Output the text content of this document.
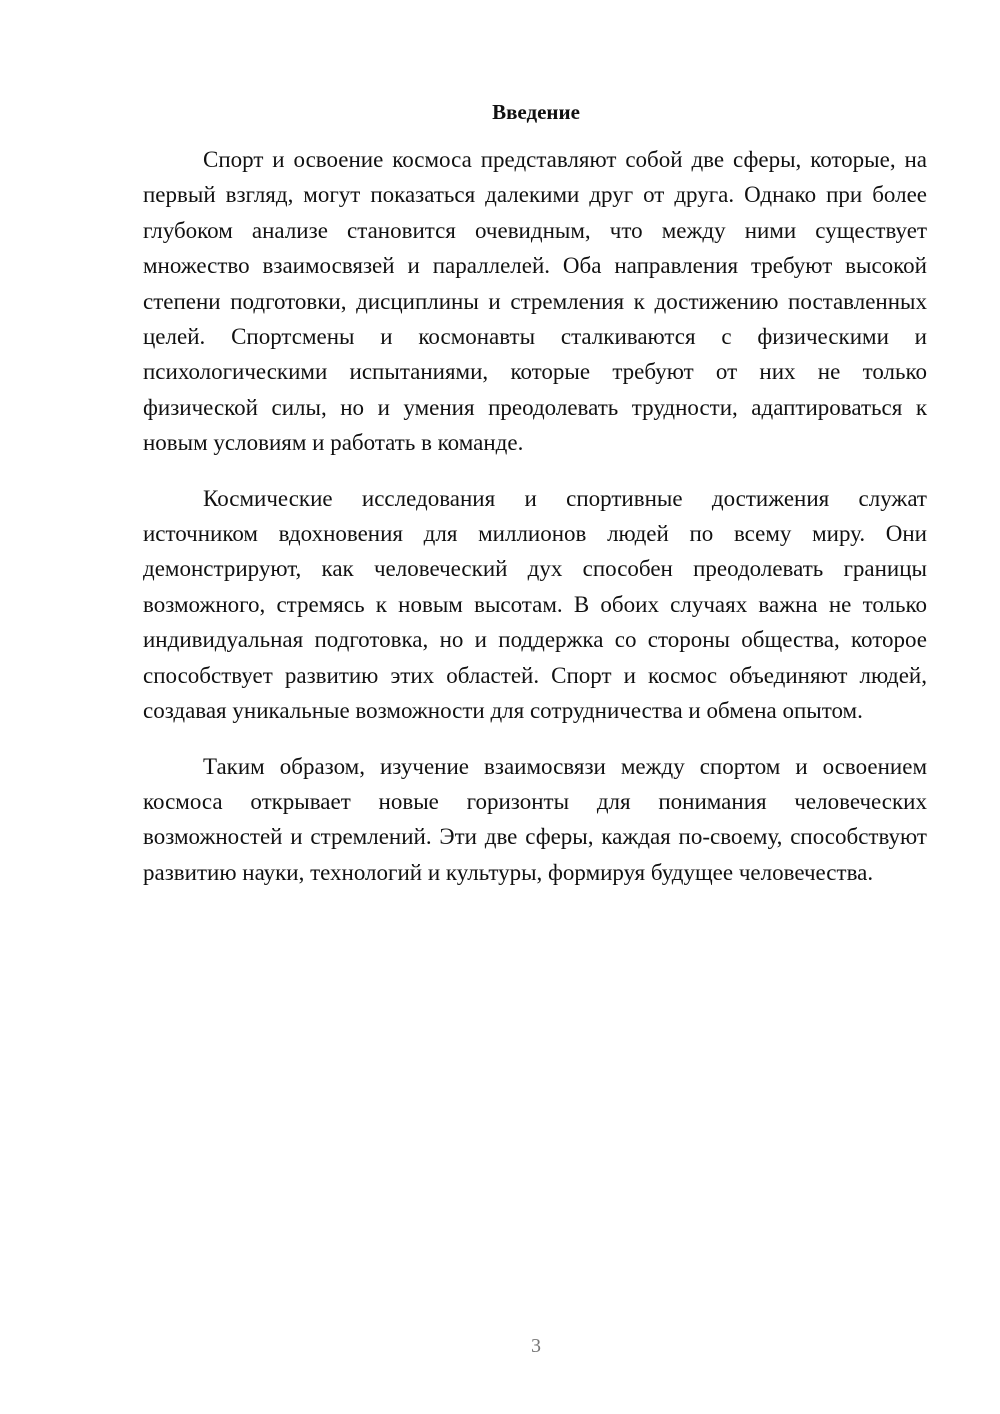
Введение

Спорт и освоение космоса представляют собой две сферы, которые, на первый взгляд, могут показаться далекими друг от друга. Однако при более глубоком анализе становится очевидным, что между ними существует множество взаимосвязей и параллелей. Оба направления требуют высокой степени подготовки, дисциплины и стремления к достижению поставленных целей. Спортсмены и космонавты сталкиваются с физическими и психологическими испытаниями, которые требуют от них не только физической силы, но и умения преодолевать трудности, адаптироваться к новым условиям и работать в команде.

Космические исследования и спортивные достижения служат источником вдохновения для миллионов людей по всему миру. Они демонстрируют, как человеческий дух способен преодолевать границы возможного, стремясь к новым высотам. В обоих случаях важна не только индивидуальная подготовка, но и поддержка со стороны общества, которое способствует развитию этих областей. Спорт и космос объединяют людей, создавая уникальные возможности для сотрудничества и обмена опытом.

Таким образом, изучение взаимосвязи между спортом и освоением космоса открывает новые горизонты для понимания человеческих возможностей и стремлений. Эти две сферы, каждая по-своему, способствуют развитию науки, технологий и культуры, формируя будущее человечества.

3
